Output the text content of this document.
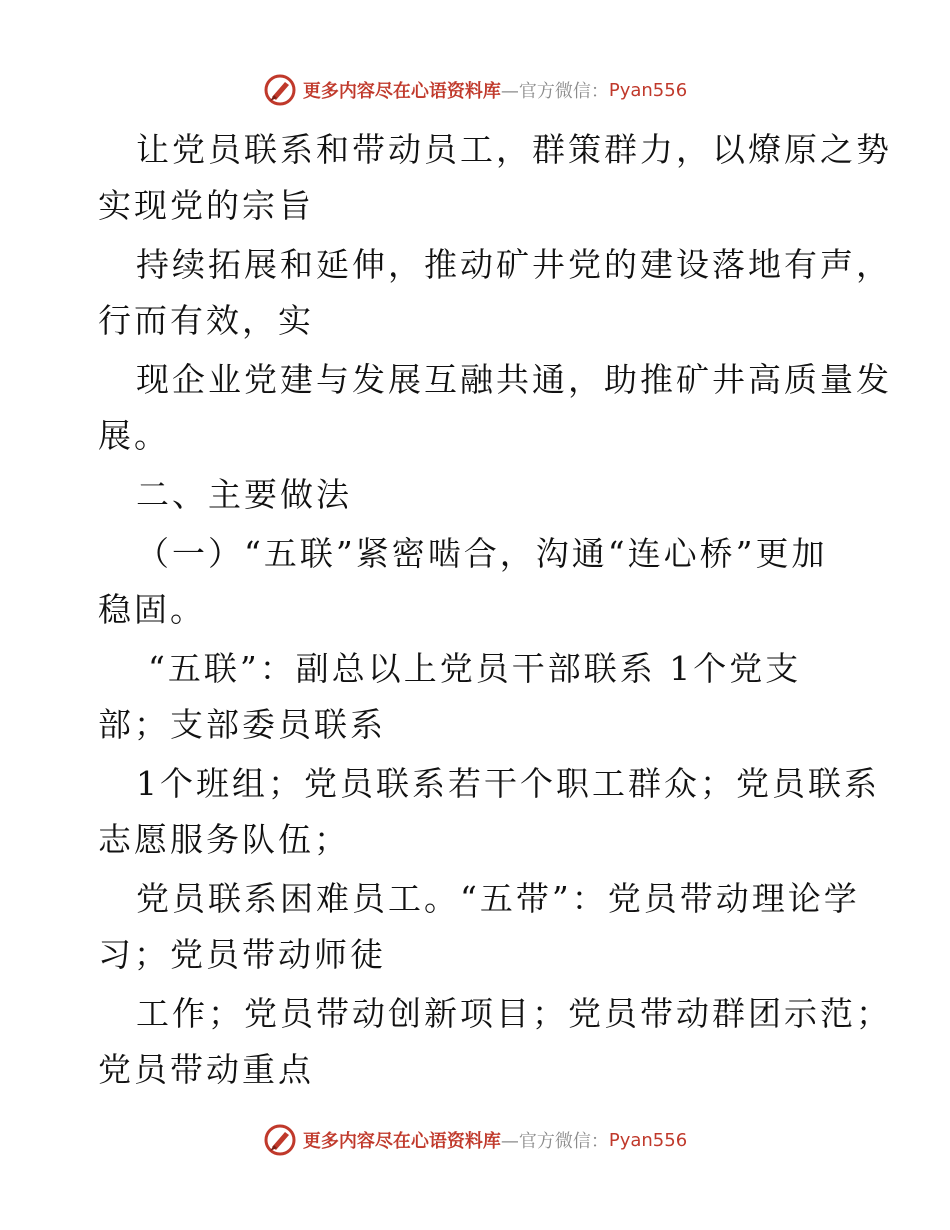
更多内容尽在心语资料库 —官方微信： Pyan556
让党员联系和带动员工，群策群力，以燎原之势
实现党的宗旨
持续拓展和延伸，推动矿井党的建设落地有声，
行而有效，实
现企业党建与发展互融共通，助推矿井高质量发
展。
二、主要做法
（一）“五联”紧密啮合，沟通“连心桥”更加
稳固。
“五联”：副总以上党员干部联系 1个党支
部；支部委员联系
1个班组；党员联系若干个职工群众；党员联系
志愿服务队伍；
党员联系困难员工。“五带”：党员带动理论学
习；党员带动师徒
工作；党员带动创新项目；党员带动群团示范；
党员带动重点
更多内容尽在心语资料库 —官方微信： Pyan556
